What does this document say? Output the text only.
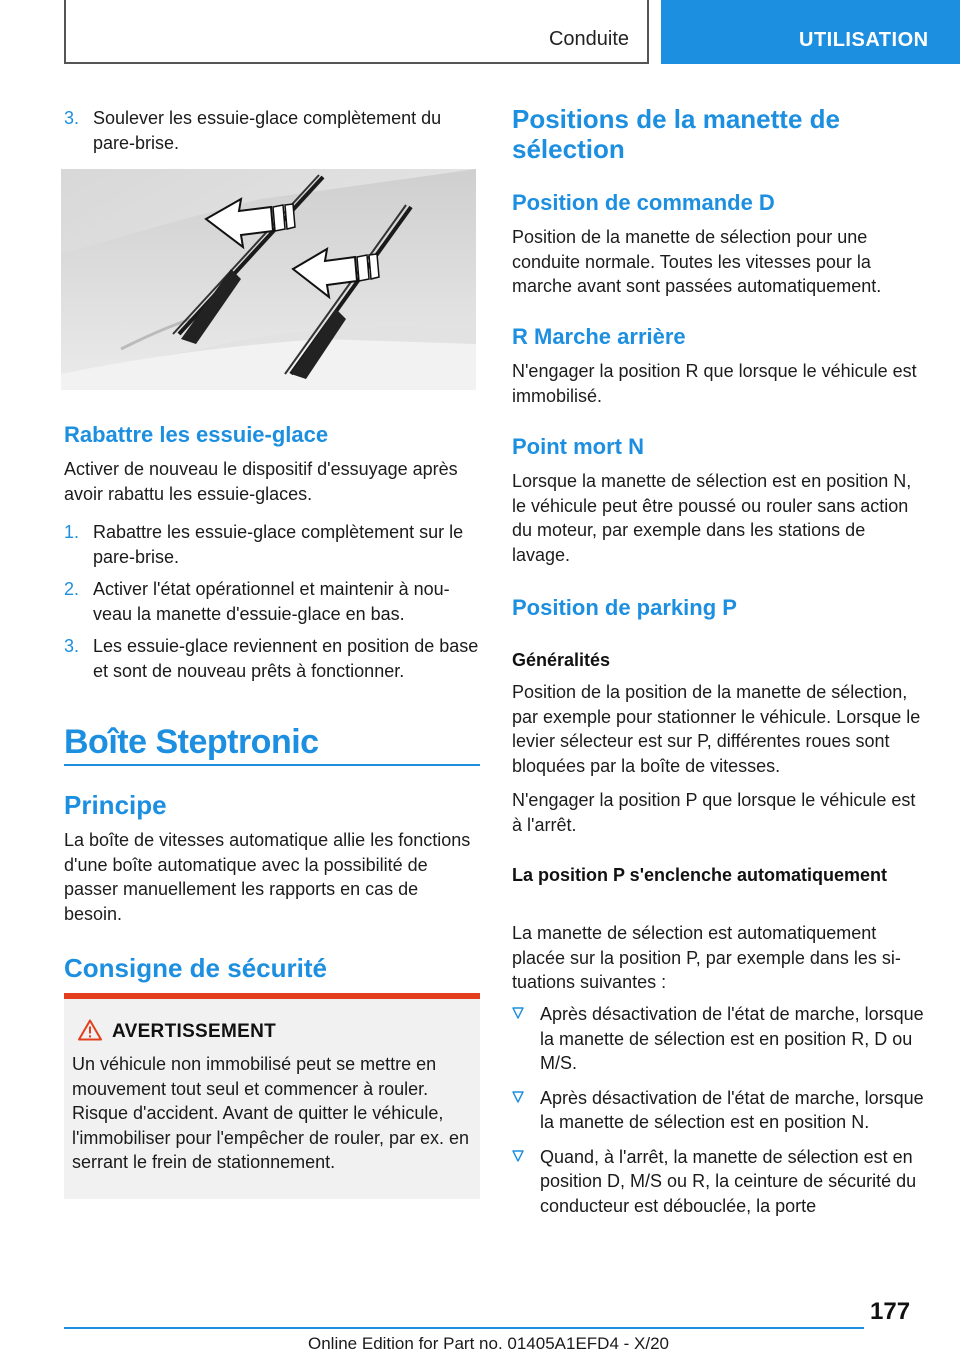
Conduite	UTILISATION
3. Soulever les essuie-glace complètement du pare-brise.
Rabattre les essuie-glace

Activer de nouveau le dispositif d'essuyage après avoir rabattu les essuie-glaces.

1. Rabattre les essuie-glace complètement sur le pare-brise.
2. Activer l'état opérationnel et maintenir à nouveau la manette d'essuie-glace en bas.
3. Les essuie-glace reviennent en position de base et sont de nouveau prêts à fonctionner.
Boîte Steptronic
Principe

La boîte de vitesses automatique allie les fonctions d'une boîte automatique avec la possibilité de passer manuellement les rapports en cas de besoin.

Consigne de sécurité
AVERTISSEMENT

Un véhicule non immobilisé peut se mettre en mouvement tout seul et commencer à rouler. Risque d'accident. Avant de quitter le véhicule, l'immobiliser pour l'empêcher de rouler, par ex. en serrant le frein de stationnement.

Positions de la manette de sélection
Position de commande D

Position de la manette de sélection pour une conduite normale. Toutes les vitesses pour la marche avant sont passées automatiquement.

R Marche arrière

N'engager la position R que lorsque le véhicule est immobilisé.

Point mort N

Lorsque la manette de sélection est en position N, le véhicule peut être poussé ou rouler sans action du moteur, par exemple dans les stations de lavage.

Position de parking P
Généralités

Position de la position de la manette de sélection, par exemple pour stationner le véhicule. Lorsque le levier sélecteur est sur P, différentes roues sont bloquées par la boîte de vitesses.

N'engager la position P que lorsque le véhicule est à l'arrêt.

La position P s'enclenche automatiquement

La manette de sélection est automatiquement placée sur la position P, par exemple dans les situations suivantes :

Après désactivation de l'état de marche, lorsque la manette de sélection est en position R, D ou M/S.
Après désactivation de l'état de marche, lorsque la manette de sélection est en position N.
Quand, à l'arrêt, la manette de sélection est en position D, M/S ou R, la ceinture de sécurité du conducteur est débouclée, la porte
177
Online Edition for Part no. 01405A1EFD4 - X/20
